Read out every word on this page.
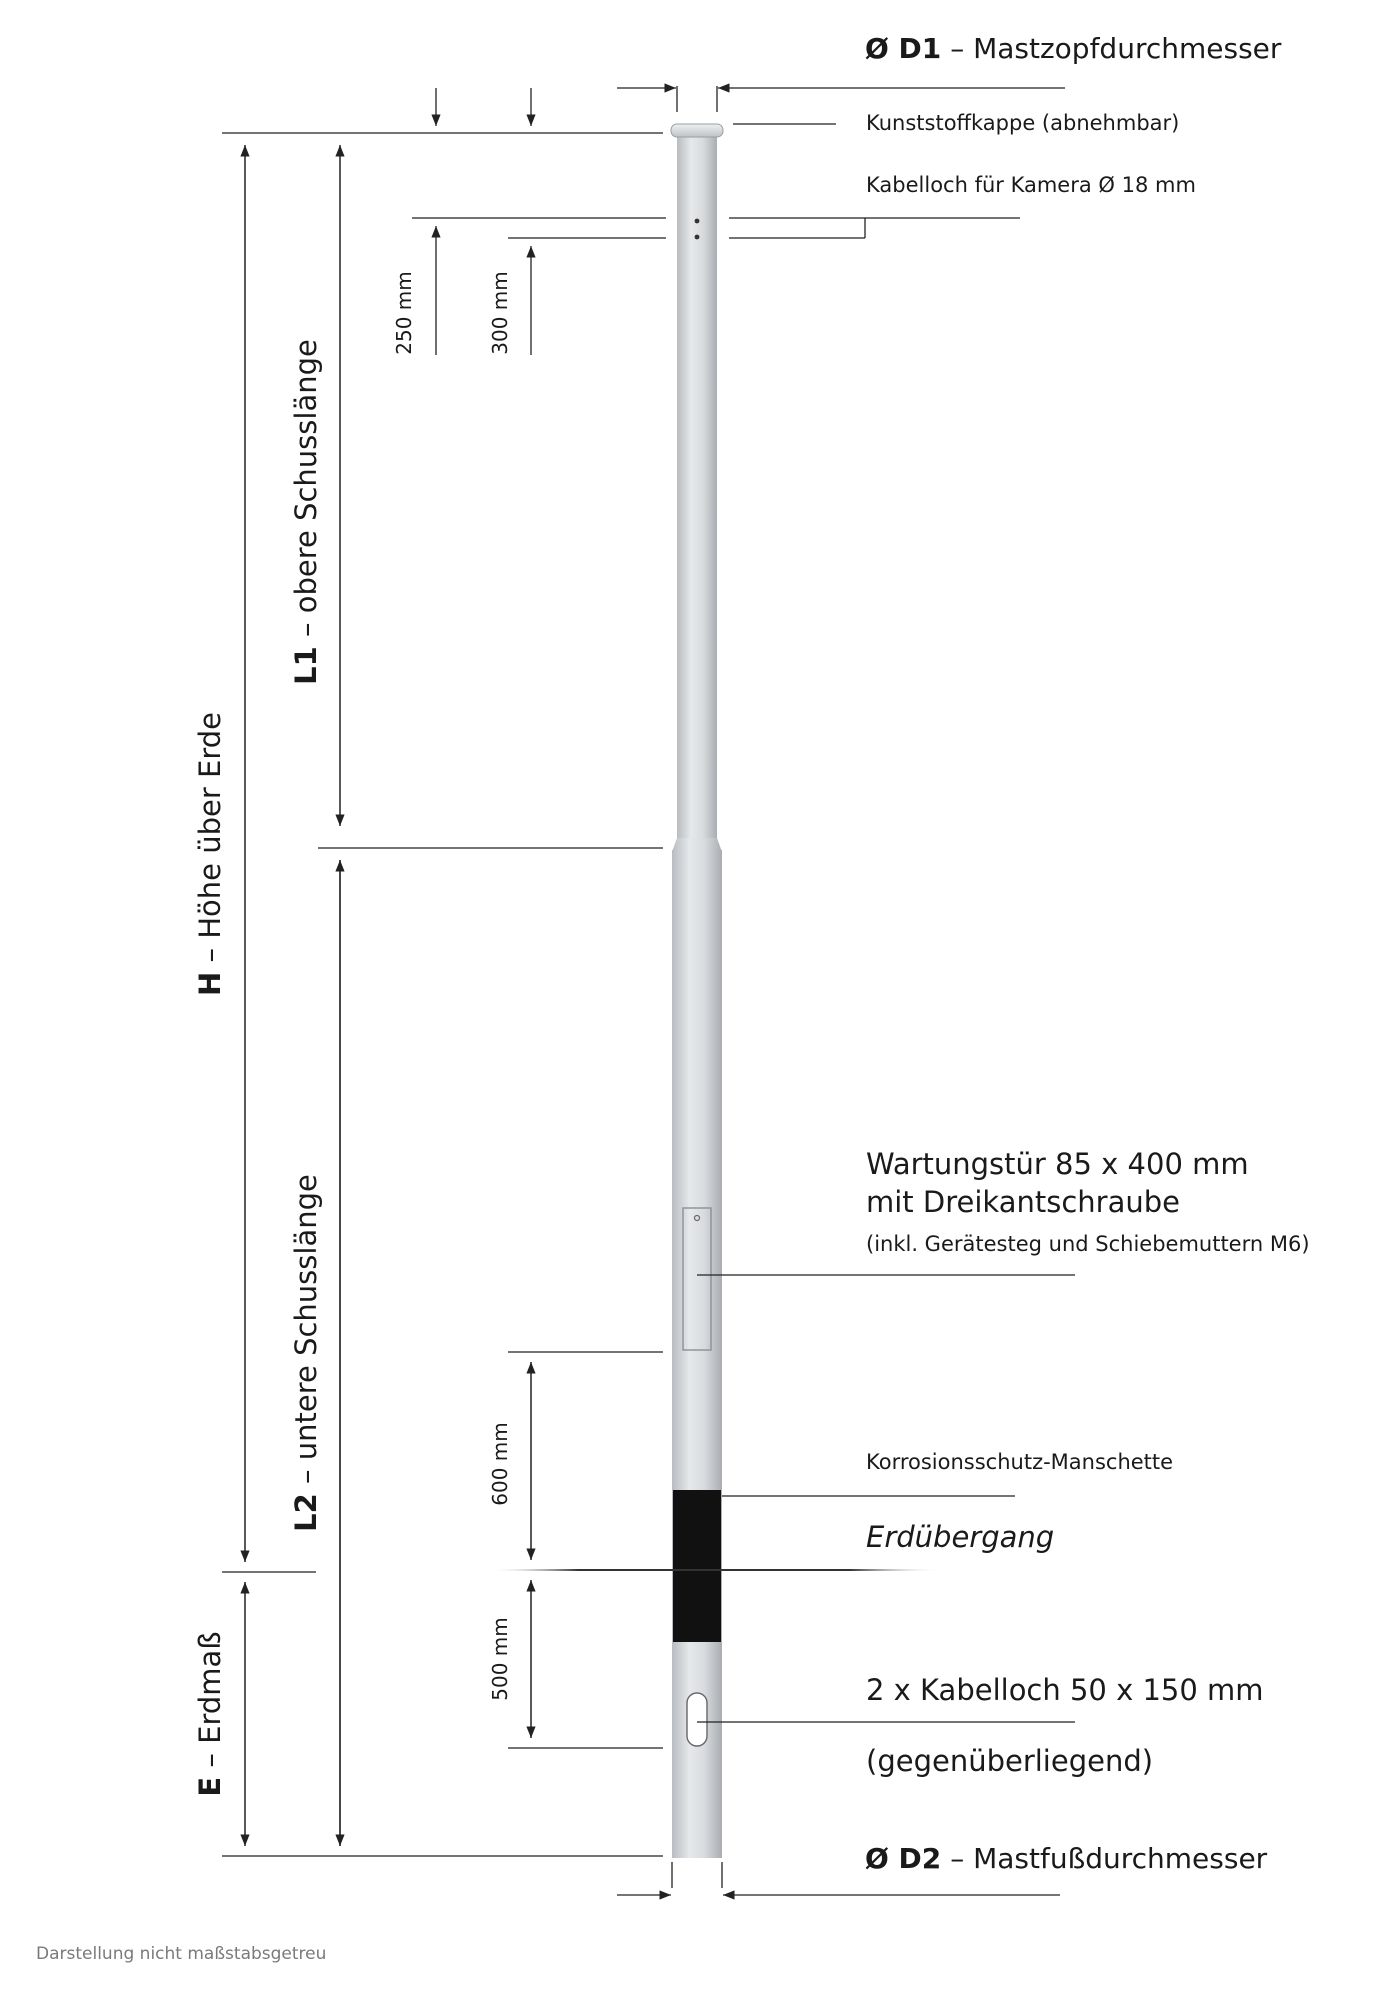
Ø D1 – Mastzopfdurchmesser
Kunststoffkappe (abnehmbar)
Kabelloch für Kamera Ø 18 mm
Wartungstür 85 x 400 mm
mit Dreikantschraube
(inkl. Gerätesteg und Schiebemuttern M6)
Korrosionsschutz-Manschette
Erdübergang
2 x Kabelloch 50 x 150 mm
(gegenüberliegend)
Ø D2 – Mastfußdurchmesser
250 mm	300 mm
L1 – obere Schusslänge
H – Höhe über Erde
L2 – untere Schusslänge	600 mm
500 mm
E – Erdmaß
Darstellung nicht maßstabsgetreu
